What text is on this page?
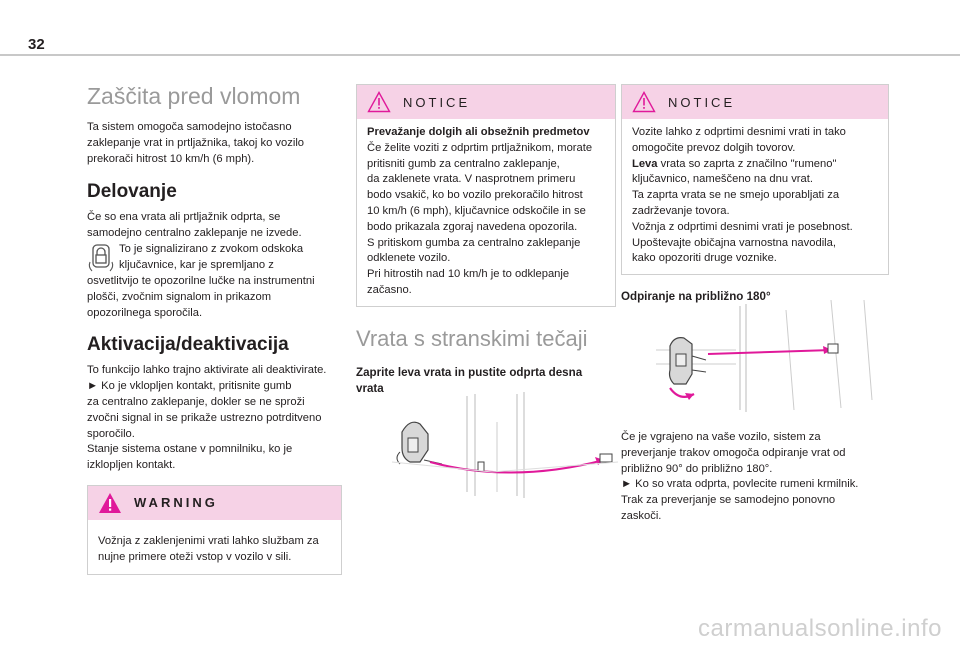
32
Zaščita pred vlomom

Ta sistem omogoča samodejno istočasno

zaklepanje vrat in prtljažnika, takoj ko vozilo

prekorači hitrost 10 km/h (6 mph).

Delovanje

Če so ena vrata ali prtljažnik odprta, se

samodejno centralno zaklepanje ne izvede.

To je signalizirano z zvokom odskoka

ključavnice, kar je spremljano z

osvetlitvijo te opozorilne lučke na instrumentni

plošči, zvočnim signalom in prikazom

opozorilnega sporočila.

Aktivacija/deaktivacija

To funkcijo lahko trajno aktivirate ali deaktivirate.

► Ko je vklopljen kontakt, pritisnite gumb

za centralno zaklepanje, dokler se ne sproži

zvočni signal in se prikaže ustrezno potrditveno

sporočilo.

Stanje sistema ostane v pomnilniku, ko je

izklopljen kontakt.

WARNING

Vožnja z zaklenjenimi vrati lahko službam za

nujne primere oteži vstop v vozilo v sili.

NOTICE

Prevažanje dolgih ali obsežnih predmetov

Če želite voziti z odprtim prtljažnikom, morate

pritisniti gumb za centralno zaklepanje,

da zaklenete vrata. V nasprotnem primeru

bodo vsakič, ko bo vozilo prekoračilo hitrost

10 km/h (6 mph), ključavnice odskočile in se

bodo prikazala zgoraj navedena opozorila.

S pritiskom gumba za centralno zaklepanje

odklenete vozilo.

Pri hitrostih nad 10 km/h je to odklepanje

začasno.

Vrata s stranskimi tečaji

Zaprite leva vrata in pustite odprta desna

vrata

NOTICE

Vozite lahko z odprtimi desnimi vrati in tako

omogočite prevoz dolgih tovorov.

Leva vrata so zaprta z značilno "rumeno"

ključavnico, nameščeno na dnu vrat.

Ta zaprta vrata se ne smejo uporabljati za

zadrževanje tovora.

Vožnja z odprtimi desnimi vrati je posebnost.

Upoštevajte običajna varnostna navodila,

kako opozoriti druge voznike.

Odpiranje na približno 180°

Če je vgrajeno na vaše vozilo, sistem za

preverjanje trakov omogoča odpiranje vrat od

približno 90° do približno 180°.

► Ko so vrata odprta, povlecite rumeni krmilnik.

Trak za preverjanje se samodejno ponovno

zaskoči.

carmanualsonline.info
